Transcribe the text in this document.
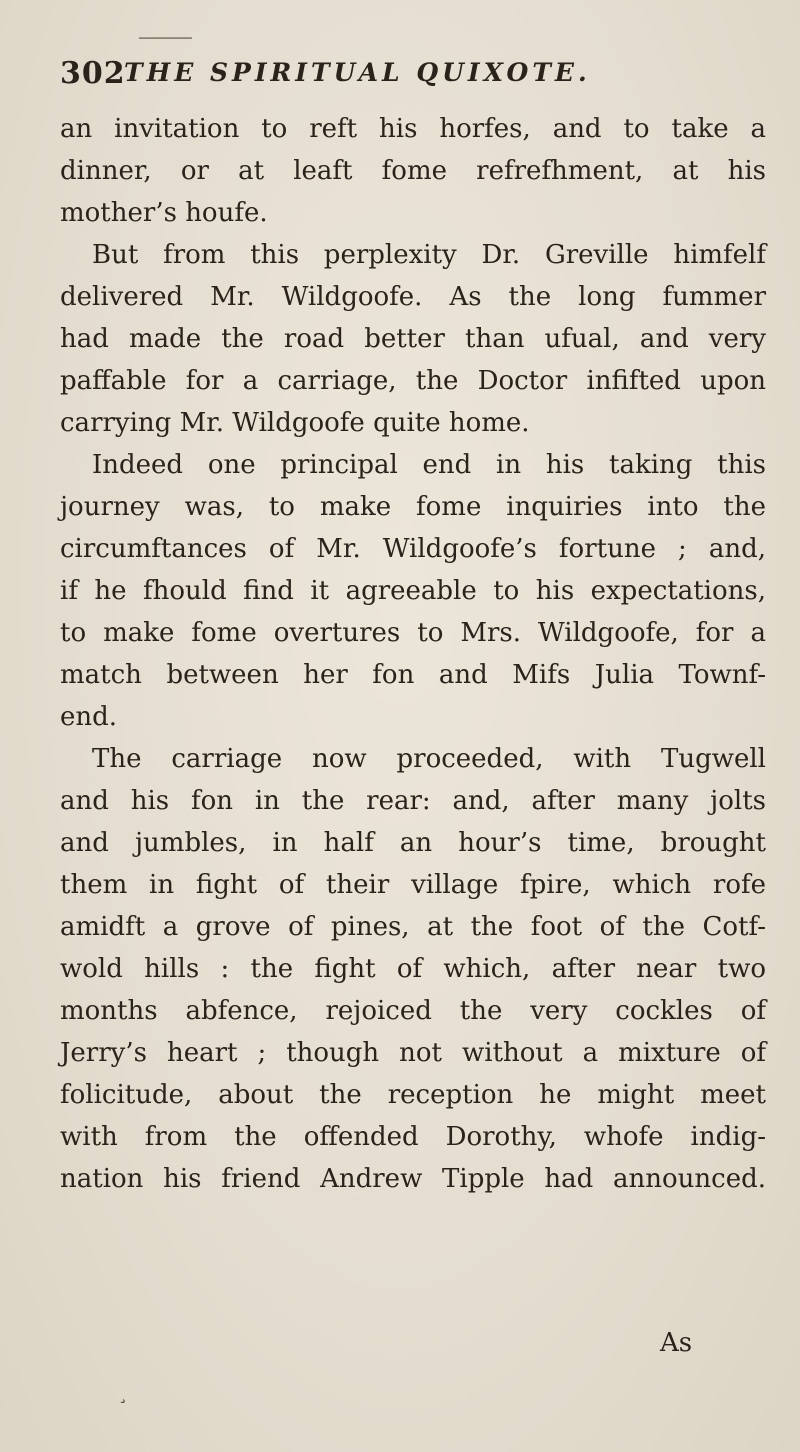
⸻
302
THE SPIRITUAL QUIXOTE.
an invitation to reft his horfes, and to take a
dinner, or at leaft fome refrefhment, at his
mother’s houfe.
But from this perplexity Dr. Greville himfelf
delivered Mr. Wildgoofe. As the long fummer
had made the road better than ufual, and very
paffable for a carriage, the Doctor infifted upon
carrying Mr. Wildgoofe quite home.
Indeed one principal end in his taking this
journey was, to make fome inquiries into the
circumftances of Mr. Wildgoofe’s fortune ; and,
if he fhould find it agreeable to his expectations,
to make fome overtures to Mrs. Wildgoofe, for a
match between her fon and Mifs Julia Townf-
end.
The carriage now proceeded, with Tugwell
and his fon in the rear: and, after many jolts
and jumbles, in half an hour’s time, brought
them in fight of their village fpire, which rofe
amidft a grove of pines, at the foot of the Cotf-
wold hills : the fight of which, after near two
months abfence, rejoiced the very cockles of
Jerry’s heart ; though not without a mixture of
folicitude, about the reception he might meet
with from the offended Dorothy, whofe indig-
nation his friend Andrew Tipple had announced.
As
¸
